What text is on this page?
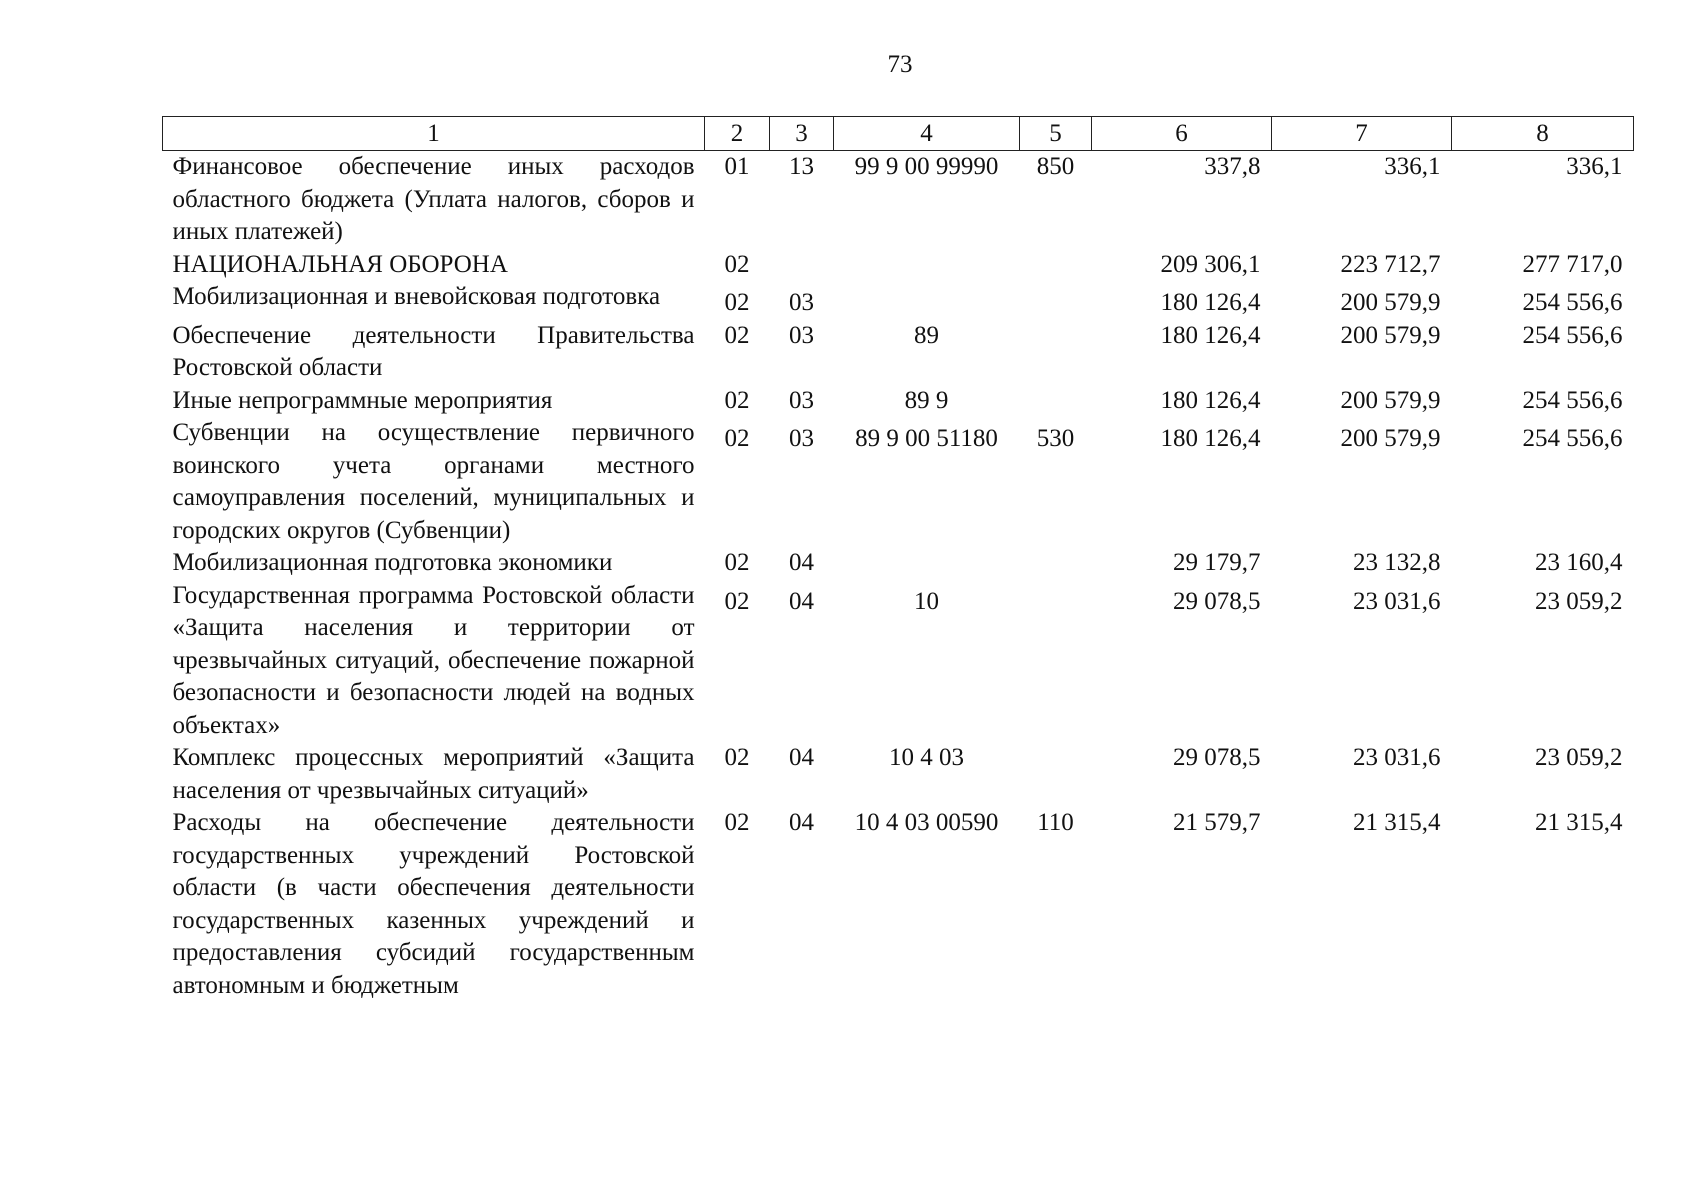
73
1	2	3	4	5	6	7	8
Финансовое обеспечение иных расходов областного бюджета (Уплата налогов, сборов и иных платежей)	01	13	99 9 00 99990	850	337,8	336,1	336,1
НАЦИОНАЛЬНАЯ ОБОРОНА	02				209 306,1	223 712,7	277 717,0
Мобилизационная и вневойсковая подготовка	02	03			180 126,4	200 579,9	254 556,6
Обеспечение деятельности Правительства Ростовской области	02	03	89		180 126,4	200 579,9	254 556,6
Иные непрограммные мероприятия	02	03	89 9		180 126,4	200 579,9	254 556,6
Субвенции на осуществление первичного воинского учета органами местного самоуправления поселений, муниципальных и городских округов (Субвенции)	02	03	89 9 00 51180	530	180 126,4	200 579,9	254 556,6
Мобилизационная подготовка экономики	02	04			29 179,7	23 132,8	23 160,4
Государственная программа Ростовской области «Защита населения и территории от чрезвычайных ситуаций, обеспечение пожарной безопасности и безопасности людей на водных объектах»	02	04	10		29 078,5	23 031,6	23 059,2
Комплекс процессных мероприятий «Защита населения от чрезвычайных ситуаций»	02	04	10 4 03		29 078,5	23 031,6	23 059,2
Расходы на обеспечение деятельности государственных учреждений Ростовской области (в части обеспечения деятельности государственных казенных учреждений и предоставления субсидий государственным автономным и бюджетным	02	04	10 4 03 00590	110	21 579,7	21 315,4	21 315,4
